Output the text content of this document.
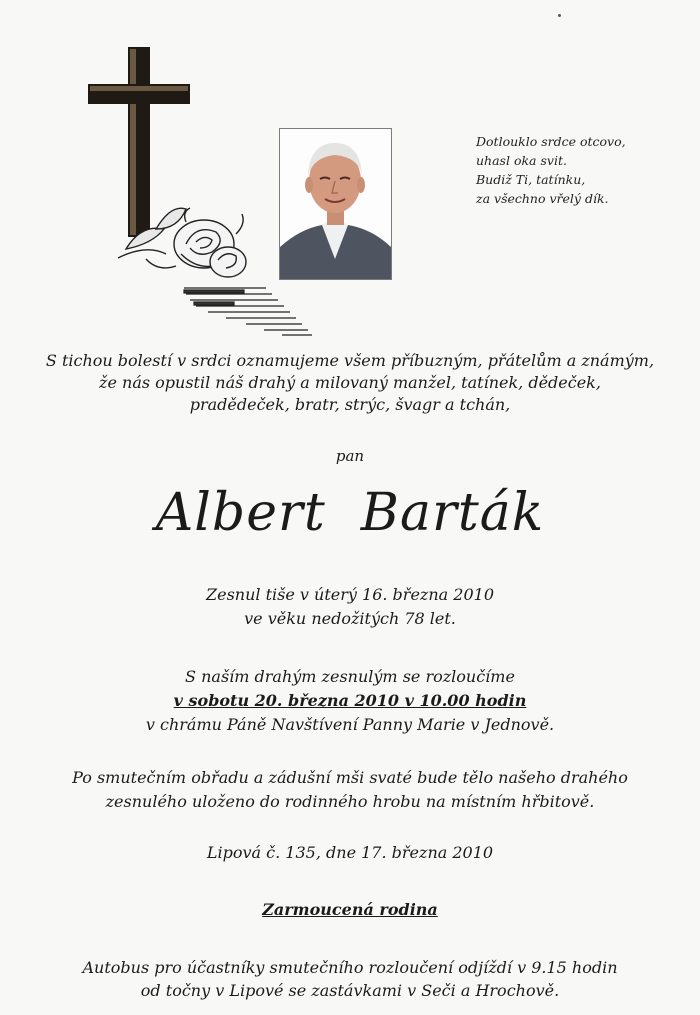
Dotlouklo srdce otcovo,
uhasl oka svit.
Budiž Ti, tatínku,
za všechno vřelý dík.
S tichou bolestí v srdci oznamujeme všem příbuzným, přátelům a známým,
že nás opustil náš drahý a milovaný manžel, tatínek, dědeček,
pradědeček, bratr, strýc, švagr a tchán,
pan
Albert Barták
Zesnul tiše v úterý 16. března 2010
ve věku nedožitých 78 let.
S naším drahým zesnulým se rozloučíme
v sobotu 20. března 2010 v 10.00 hodin
v chrámu Páně Navštívení Panny Marie v Jednově.
Po smutečním obřadu a zádušní mši svaté bude tělo našeho drahého
zesnulého uloženo do rodinného hrobu na místním hřbitově.
Lipová č. 135, dne 17. března 2010
Zarmoucená rodina
Autobus pro účastníky smutečního rozloučení odjíždí v 9.15 hodin
od točny v Lipové se zastávkami v Seči a Hrochově.
